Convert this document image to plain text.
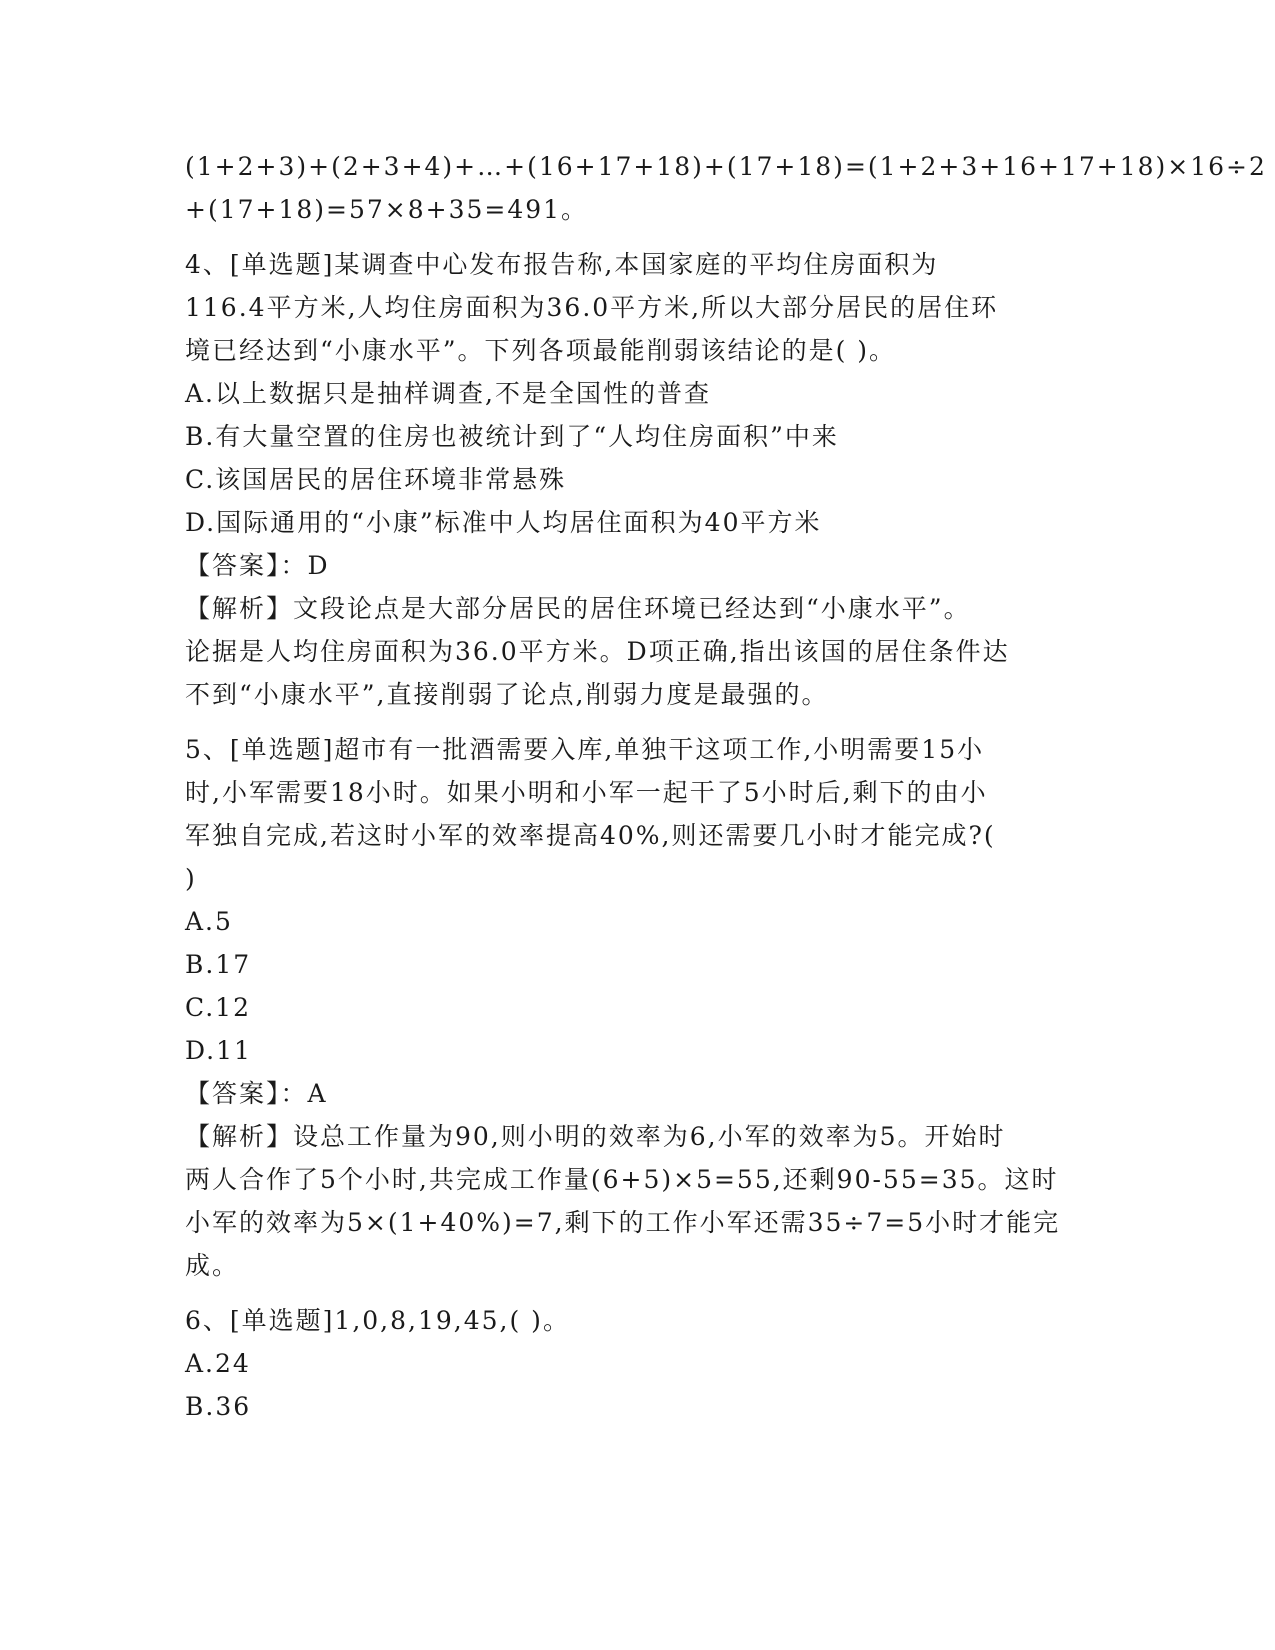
(1+2+3)+(2+3+4)+…+(16+17+18)+(17+18)=(1+2+3+16+17+18)×16÷2
+(17+18)=57×8+35=491。
4、[单选题]某调查中心发布报告称,本国家庭的平均住房面积为
116.4平方米,人均住房面积为36.0平方米,所以大部分居民的居住环
境已经达到“小康水平”。下列各项最能削弱该结论的是( )。
A.以上数据只是抽样调查,不是全国性的普查
B.有大量空置的住房也被统计到了“人均住房面积”中来
C.该国居民的居住环境非常悬殊
D.国际通用的“小康”标准中人均居住面积为40平方米
【答案】：D
【解析】文段论点是大部分居民的居住环境已经达到“小康水平”。
论据是人均住房面积为36.0平方米。D项正确,指出该国的居住条件达
不到“小康水平”,直接削弱了论点,削弱力度是最强的。
5、[单选题]超市有一批酒需要入库,单独干这项工作,小明需要15小
时,小军需要18小时。如果小明和小军一起干了5小时后,剩下的由小
军独自完成,若这时小军的效率提高40%,则还需要几小时才能完成?(
)
A.5
B.17
C.12
D.11
【答案】：A
【解析】设总工作量为90,则小明的效率为6,小军的效率为5。开始时
两人合作了5个小时,共完成工作量(6+5)×5=55,还剩90-55=35。这时
小军的效率为5×(1+40%)=7,剩下的工作小军还需35÷7=5小时才能完
成。
6、[单选题]1,0,8,19,45,( )。
A.24
B.36
